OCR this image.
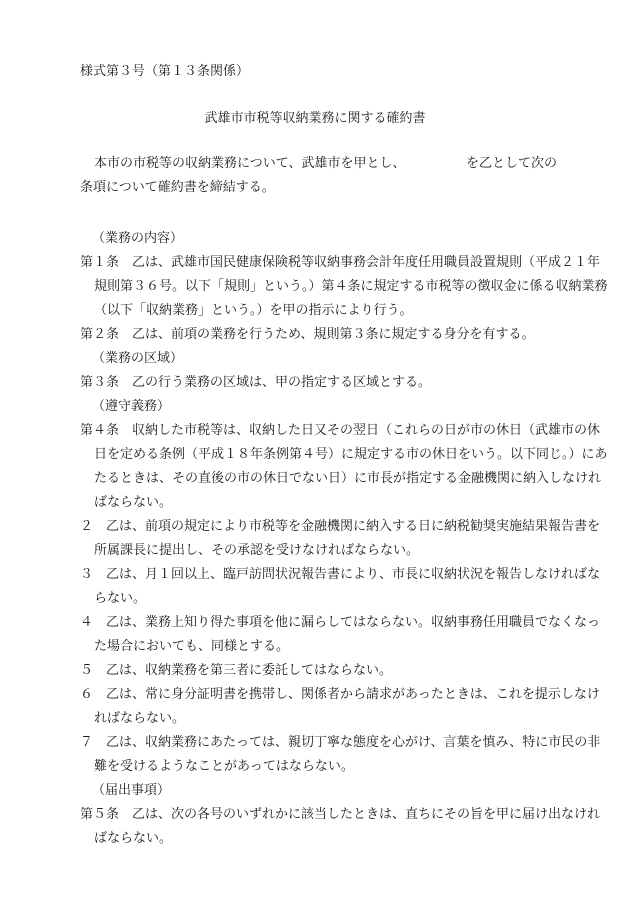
様式第３号（第１３条関係）
武雄市市税等収納業務に関する確約書
本市の市税等の収納業務について、武雄市を甲とし、	を乙として次の
条項について確約書を締結する。
（業務の内容）
第１条　乙は、武雄市国民健康保険税等収納事務会計年度任用職員設置規則（平成２１年
規則第３６号。以下「規則」という。）第４条に規定する市税等の徴収金に係る収納業務
（以下「収納業務」という。）を甲の指示により行う。
第２条　乙は、前項の業務を行うため、規則第３条に規定する身分を有する。
（業務の区域）
第３条　乙の行う業務の区域は、甲の指定する区域とする。
（遵守義務）
第４条　収納した市税等は、収納した日又その翌日（これらの日が市の休日（武雄市の休
日を定める条例（平成１８年条例第４号）に規定する市の休日をいう。以下同じ。）にあ
たるときは、その直後の市の休日でない日）に市長が指定する金融機関に納入しなけれ
ばならない。
２　乙は、前項の規定により市税等を金融機関に納入する日に納税勧奨実施結果報告書を
所属課長に提出し、その承認を受けなければならない。
３　乙は、月１回以上、臨戸訪問状況報告書により、市長に収納状況を報告しなければな
らない。
４　乙は、業務上知り得た事項を他に漏らしてはならない。収納事務任用職員でなくなっ
た場合においても、同様とする。
５　乙は、収納業務を第三者に委託してはならない。
６　乙は、常に身分証明書を携帯し、関係者から請求があったときは、これを提示しなけ
ればならない。
７　乙は、収納業務にあたっては、親切丁寧な態度を心がけ、言葉を慎み、特に市民の非
難を受けるようなことがあってはならない。
（届出事項）
第５条　乙は、次の各号のいずれかに該当したときは、直ちにその旨を甲に届け出なけれ
ばならない。
